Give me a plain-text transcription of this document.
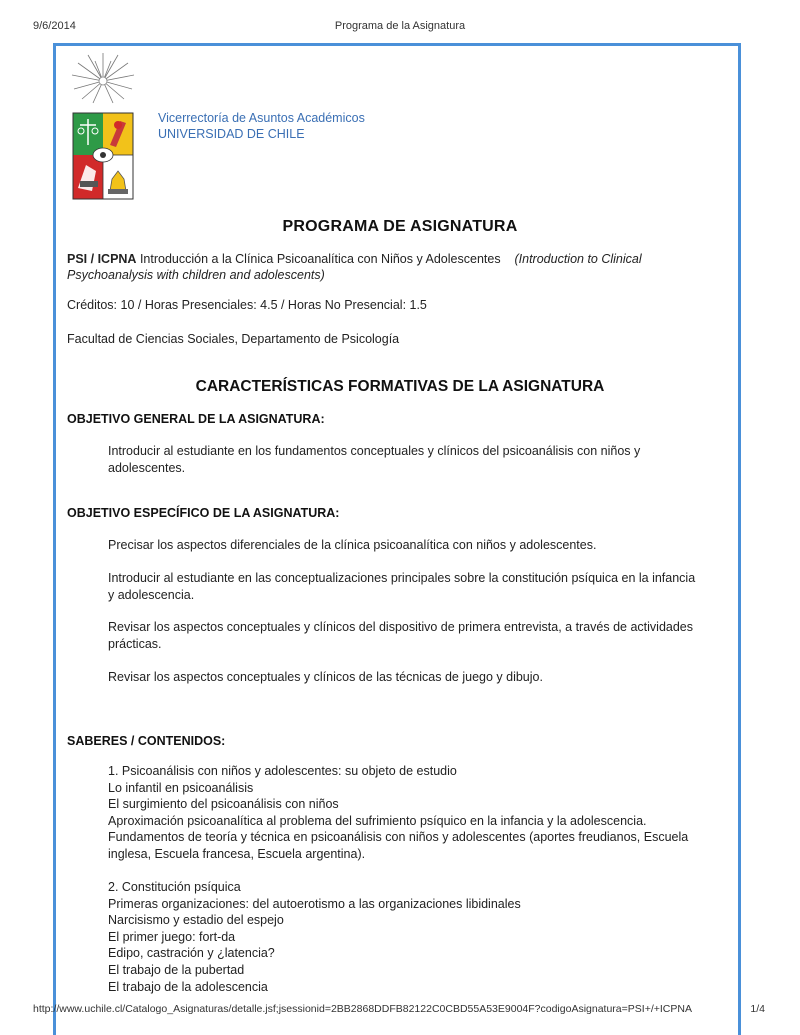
9/6/2014	Programa de la Asignatura
Vicerrectoría de Asuntos Académicos
UNIVERSIDAD DE CHILE
PROGRAMA DE ASIGNATURA
PSI / ICPNA Introducción a la Clínica Psicoanalítica con Niños y Adolescentes (Introduction to Clinical Psychoanalysis with children and adolescents)
Créditos: 10 / Horas Presenciales: 4.5 / Horas No Presencial: 1.5
Facultad de Ciencias Sociales, Departamento de Psicología
CARACTERÍSTICAS FORMATIVAS DE LA ASIGNATURA
OBJETIVO GENERAL DE LA ASIGNATURA:
Introducir al estudiante en los fundamentos conceptuales y clínicos del psicoanálisis con niños y adolescentes.
OBJETIVO ESPECÍFICO DE LA ASIGNATURA:
Precisar los aspectos diferenciales de la clínica psicoanalítica con niños y adolescentes.
Introducir al estudiante en las conceptualizaciones principales sobre la constitución psíquica en la infancia y adolescencia.
Revisar los aspectos conceptuales y clínicos del dispositivo de primera entrevista, a través de actividades prácticas.
Revisar los aspectos conceptuales y clínicos de las técnicas de juego y dibujo.
SABERES / CONTENIDOS:
1. Psicoanálisis con niños y adolescentes: su objeto de estudio
Lo infantil en psicoanálisis
El surgimiento del psicoanálisis con niños
Aproximación psicoanalítica al problema del sufrimiento psíquico en la infancia y la adolescencia.
Fundamentos de teoría y técnica en psicoanálisis con niños y adolescentes (aportes freudianos, Escuela inglesa, Escuela francesa, Escuela argentina).
2. Constitución psíquica
Primeras organizaciones: del autoerotismo a las organizaciones libidinales
Narcisismo y estadio del espejo
El primer juego: fort-da
Edipo, castración y ¿latencia?
El trabajo de la pubertad
El trabajo de la adolescencia
http://www.uchile.cl/Catalogo_Asignaturas/detalle.jsf;jsessionid=2BB2868DDFB82122C0CBD55A53E9004F?codigoAsignatura=PSI+/+ICPNA	1/4
